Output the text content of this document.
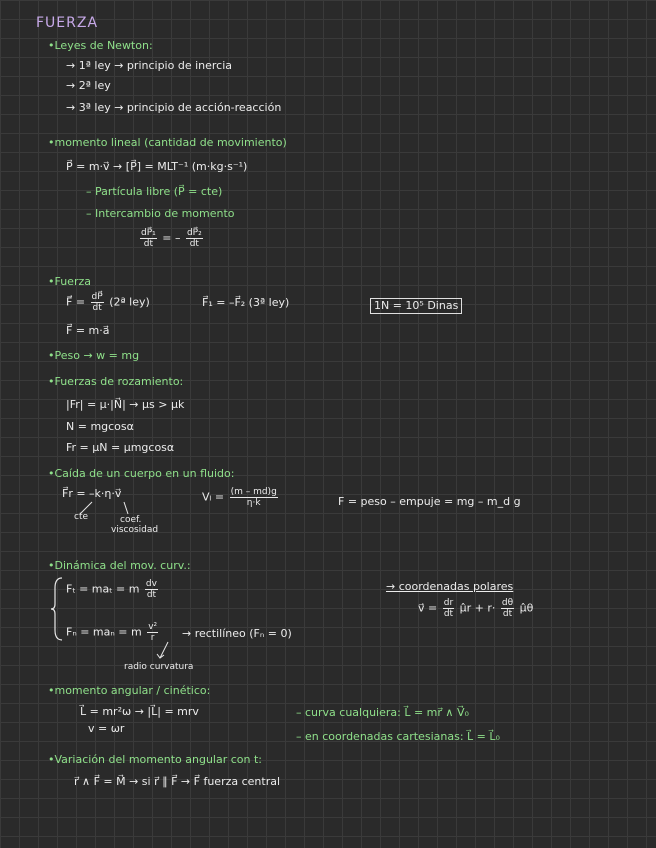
FUERZA
•Leyes de Newton:
→ 1ª ley → principio de inercia
→ 2ª ley
→ 3ª ley → principio de acción-reacción
•momento lineal (cantidad de movimiento)
P⃗ = m·v⃗ → [P⃗] = MLT⁻¹ (m·kg·s⁻¹)
– Partícula libre (P⃗ = cte)
– Intercambio de momento
$\frac{\text{dP⃗₁}}{dt}$ = – $\frac{\text{dP⃗₂}}{dt}$
•Fuerza
F⃗ = $\frac{dP⃗}{dt}$ (2ª ley)	F⃗₁ = –F⃗₂ (3ª ley)	1N = 10⁵ Dinas
F⃗ = m·a⃗
•Peso → w = mg
•Fuerzas de rozamiento:
|Fr| = μ·|N⃗| → μs > μk
N = mgcosα
Fr = μN = μmgcosα
•Caída de un cuerpo en un fluido:
F⃗r = –k·η·v⃗
cte	coef.
viscosidad
$V_l = \frac{(m - md)g}{\eta\cdot k}$	F = peso – empuje = mg – m_d g
•Dinámica del mov. curv.:
Fₜ = maₜ = m $\frac{dv}{dt}$
Fₙ = maₙ = m $\frac{\text{v²}}{r}$ → rectilíneo (Fₙ = 0)
radio curvatura
→ coordenadas polares
v⃗ = $\frac{dr}{dt}$ μ̂r + $r\cdot \frac{d\theta}{dt}$ μ̂θ
•momento angular / cinético:
L⃗ = mr²ω → |L⃗| = mrv
v = ωr
– curva cualquiera: L⃗ = mr⃗ ∧ V⃗₀
– en coordenadas cartesianas: L⃗ = L⃗₀
•Variación del momento angular con t:
r⃗ ∧ F⃗ = M⃗ → si r⃗ ∥ F⃗ → F⃗ fuerza central
